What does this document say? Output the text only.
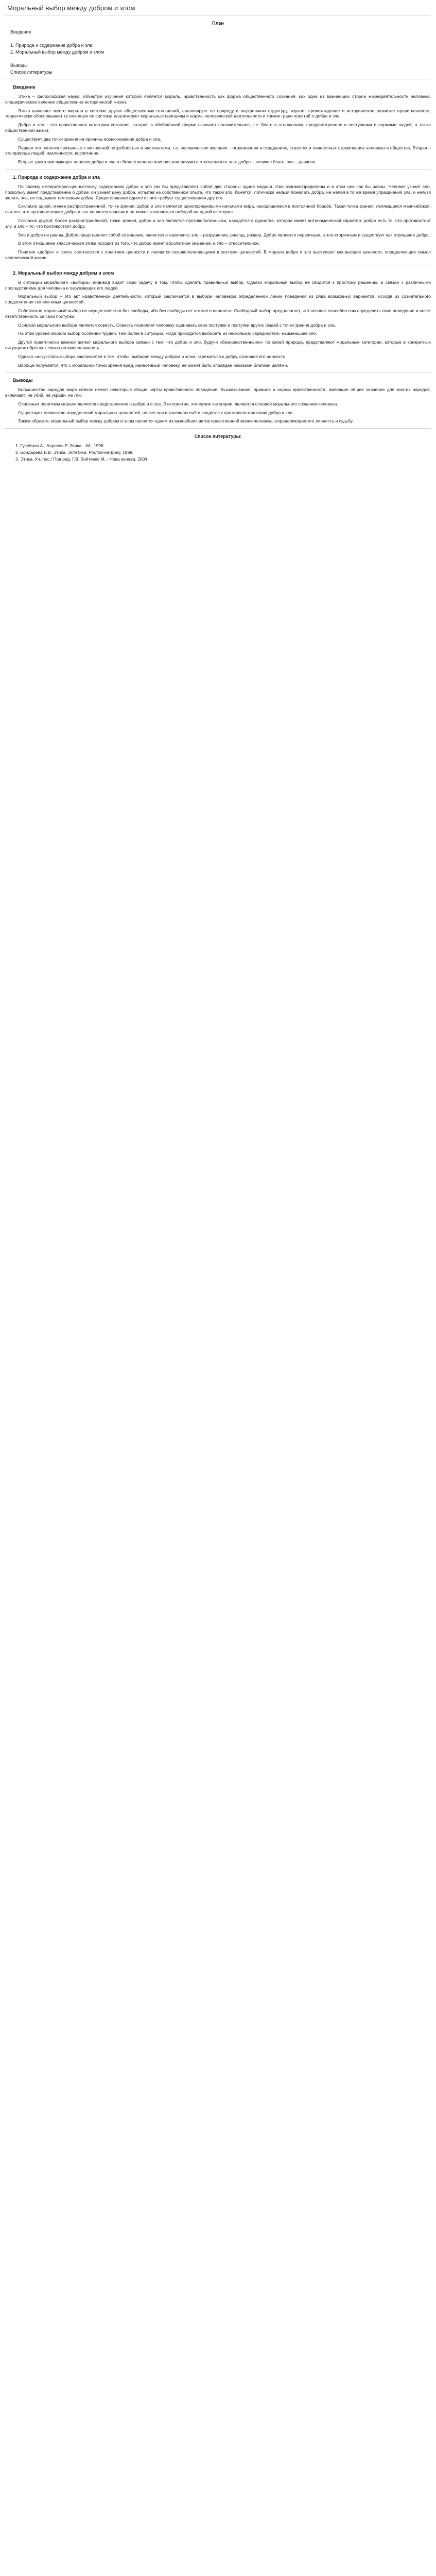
Моральный выбор между добром и злом
План
Введение

1. Природа и содержание добра и зла
2. Моральный выбор между добром и злом

Выводы
Список литературы
Введение

Этика – философская наука, объектом изучения которой является мораль, нравственность как форма общественного сознания, как одна из важнейших сторон жизнедеятельности человека, специфическое явление общественно-исторической жизни.

Этика выясняет место морали в системе других общественных отношений, анализирует ее природу и внутреннюю структуру, изучает происхождение и историческое развитие нравственности, теоретически обосновывает ту или иную ее систему, анализирует моральные принципы и нормы человеческой деятельности и тонкие грани понятий о добре и зле.

Добро и зло – это нравственная категория сознания, которая в обобщённой форме означает положительное, т.е. благо в отношениях, предусмотренное и поступками и нормами людей, а также общественной жизни.

Существует два точки зрения на причины возникновения добра и зла.

Первая это понятия связанные с жизненной потребностью и инстинктами, т.е. человеческие желания – ограничения в страданиях, страстях и личностных стремлениях человека и общества. Вторая – это природа людей, наклонности, воспитание.

Вторые трактовки выводят понятия добра и зла от божественного влияния или разума в отношении от зла: добро – великое благо, зло – дьявола.

1. Природа и содержание добра и зла

По своему императивно-ценностному содержанию добро и зло как бы представляют собой две стороны одной медали. Они взаимоопределены и в этом они как бы равны. Человек узнает зло, поскольку имеет представление о добре; он узнает цену добра, испытав на собственном опыте, что такое зло. Кажется, логически нельзя пожелать добра, не желая в то же время упразднения зла, и нельзя желать зла, не подрывая тем самым добра. Существование одного из них требует существования другого.

Согласно одной, менее распространенной, точке зрения, добро и зло являются однопорядковыми началами мира, находящимися в постоянной борьбе. Такая точка зрения, являющаяся манихейской, считает, что противостояние добра и зла является вечным и не может закончиться победой ни одной из сторон.

Согласно другой, более распространённой, точке зрения, добро и зло являются противоположными, находятся в единстве, которое имеет антиномический характер: добро есть то, что противостоит злу, а зло – то, что противостоит добру.

Зло и добро не равны. Добро представляет собой созидание, единство и гармонию; зло – разрушение, распад, раздор. Добро является первичным, а зло вторичным и существует как отрицание добра.

В этом отношении классическая этика исходит из того, что добро имеет абсолютное значение, а зло – относительное.

Понятия «добро» и «зло» соотносятся с понятием ценности и являются основополагающими в системе ценностей. В морали добро и зло выступают как высшие ценности, определяющие смысл человеческой жизни.

2. Моральный выбор между добром и злом

В ситуации морального «выбора» индивид видит свою задачу в том, чтобы сделать правильный выбор. Однако моральный выбор не сводится к простому решению, а связан с различными последствиями для человека и окружающих его людей.

Моральный выбор – это акт нравственной деятельности, который заключается в выборе человеком определенной линии поведения из ряда возможных вариантов, исходя из сознательного предпочтения тех или иных ценностей.

Собственно моральный выбор не осуществляется без свободы, ибо без свободы нет и ответственности. Свободный выбор предполагает, что человек способен сам определить свое поведение и несет ответственность за свои поступки.

Основой морального выбора является совесть. Совесть позволяет человеку оценивать свои поступки и поступки других людей с точки зрения добра и зла.

На этом уровне морали выбор особенно труден. Тем более в ситуации, когда приходится выбирать из нескольких «вредностей» наименьшее зло.

Другой практически важной аспект морального выбора связан с тем, что добро и зло, будучи «безнравственными» по своей природе, представляют моральные категории, которые в конкретных ситуациях обретают свою противоположность.

Однако «искусство» выбора заключается в том, чтобы, выбирая между добром и злом, стремиться к добру, сознавая его ценность.

Вообще получается, что с моральной точки зрения вред, нанесенный человеку, не может быть оправдан никакими благими целями.

Выводы

Большинство народов мира сейчас имеют некоторые общие черты нравственного поведения. Высказывания, правила и нормы нравственности, имеющие общее значение для многих народов, включают: не убий, не укради, не лги.

Основным понятием морали является представление о добре и о зле. Эти понятия, этические категории, являются основой морального сознания человека.

Существует множество определений моральных ценностей, но все они в конечном счёте сводятся к противопоставлению добра и зла.

Таким образом, моральный выбор между добром и злом является одним из важнейших актов нравственной жизни человека, определяющим его личность и судьбу.

Список литературы:
1. Гусейнов А., Апресян Р. Этика. –М., 1998.
2. Бондарева В.В. Этика. Эстетика. Ростов-на-Дону, 1999.
3. Этика. Уч.-пос./ Под ред. Г.В. Войтенко М. - Нова книжка, 2004
